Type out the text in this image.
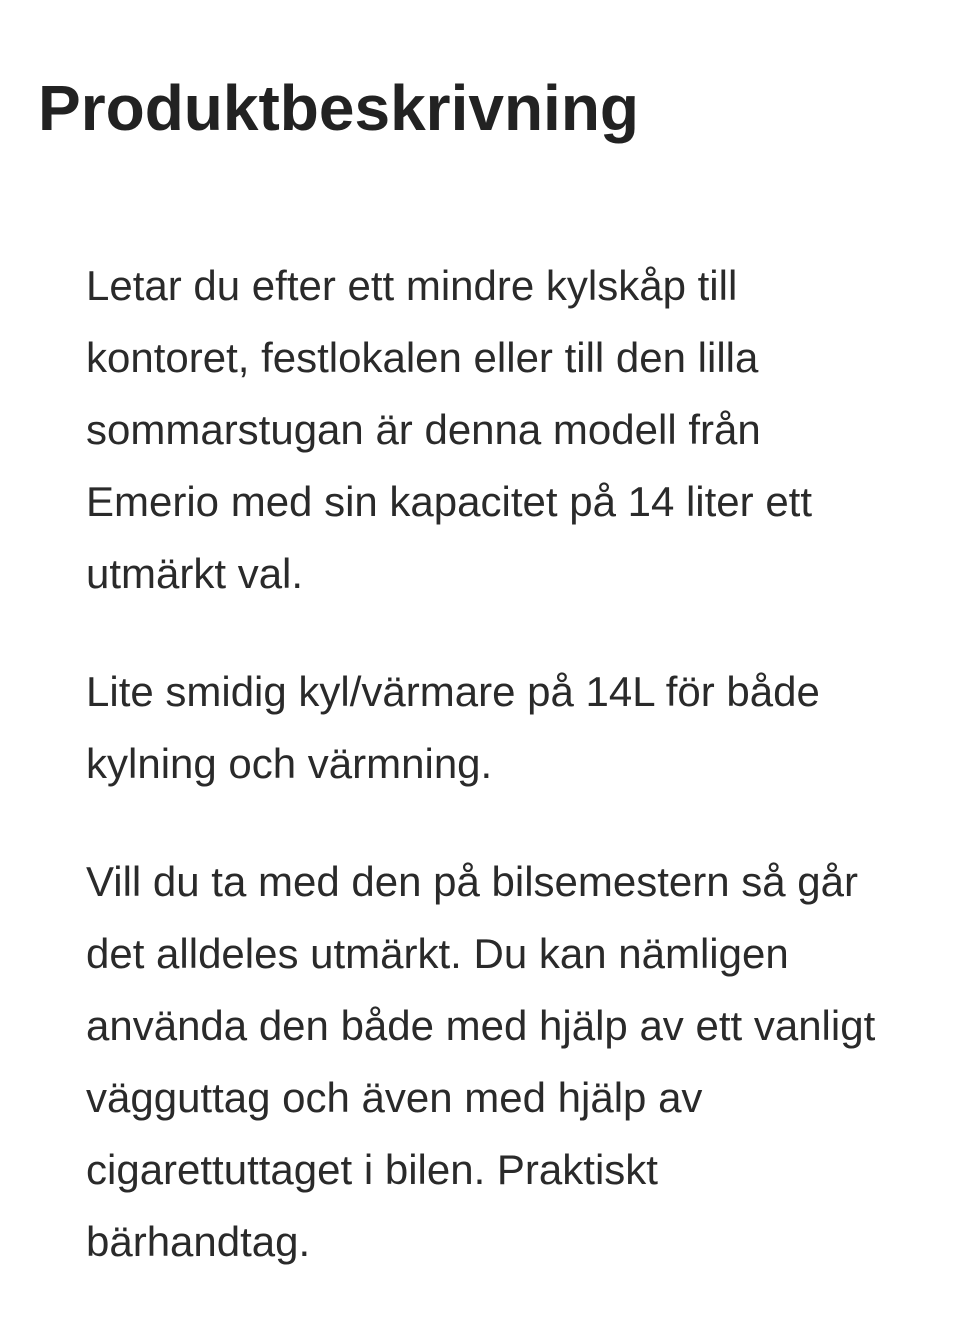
Produktbeskrivning

Letar du efter ett mindre kylskåp till kontoret, festlokalen eller till den lilla sommarstugan är denna modell från Emerio med sin kapacitet på 14 liter ett utmärkt val.

Lite smidig kyl/värmare på 14L för både kylning och värmning.

Vill du ta med den på bilsemestern så går det alldeles utmärkt. Du kan nämligen använda den både med hjälp av ett vanligt vägguttag och även med hjälp av cigarettuttaget i bilen. Praktiskt bärhandtag.
